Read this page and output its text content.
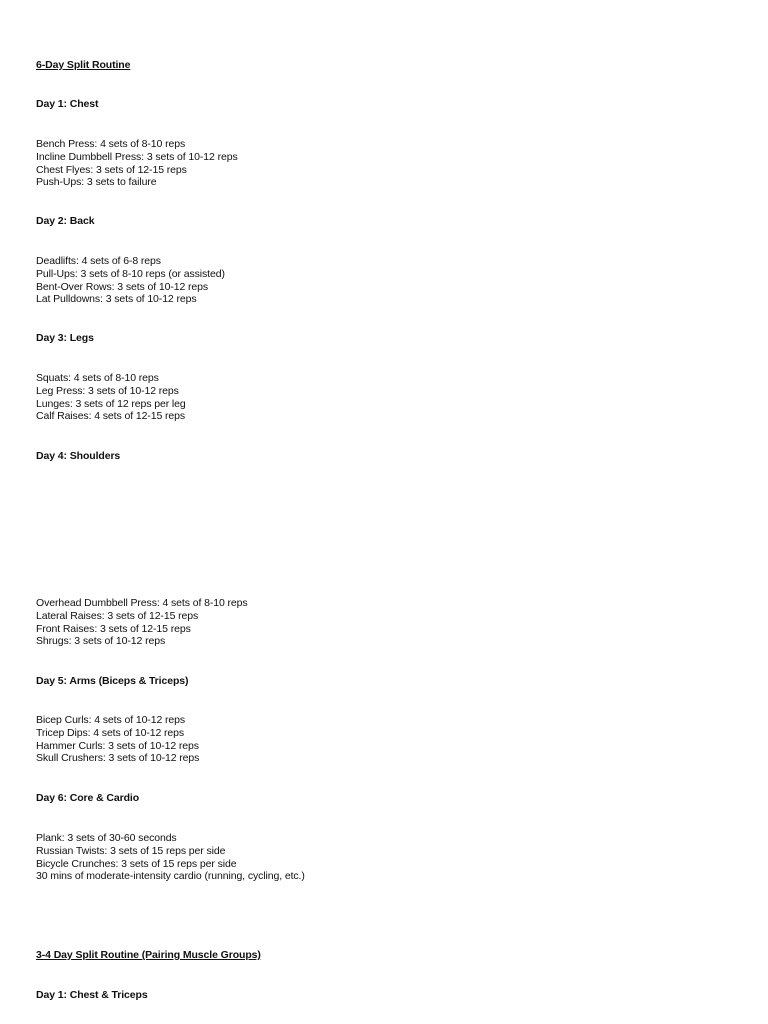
6-Day Split Routine
Day 1: Chest
Bench Press: 4 sets of 8-10 reps
Incline Dumbbell Press: 3 sets of 10-12 reps
Chest Flyes: 3 sets of 12-15 reps
Push-Ups: 3 sets to failure
Day 2: Back
Deadlifts: 4 sets of 6-8 reps
Pull-Ups: 3 sets of 8-10 reps (or assisted)
Bent-Over Rows: 3 sets of 10-12 reps
Lat Pulldowns: 3 sets of 10-12 reps
Day 3: Legs
Squats: 4 sets of 8-10 reps
Leg Press: 3 sets of 10-12 reps
Lunges: 3 sets of 12 reps per leg
Calf Raises: 4 sets of 12-15 reps
Day 4: Shoulders
Overhead Dumbbell Press: 4 sets of 8-10 reps
Lateral Raises: 3 sets of 12-15 reps
Front Raises: 3 sets of 12-15 reps
Shrugs: 3 sets of 10-12 reps
Day 5: Arms (Biceps & Triceps)
Bicep Curls: 4 sets of 10-12 reps
Tricep Dips: 4 sets of 10-12 reps
Hammer Curls: 3 sets of 10-12 reps
Skull Crushers: 3 sets of 10-12 reps
Day 6: Core & Cardio
Plank: 3 sets of 30-60 seconds
Russian Twists: 3 sets of 15 reps per side
Bicycle Crunches: 3 sets of 15 reps per side
30 mins of moderate-intensity cardio (running, cycling, etc.)
3-4 Day Split Routine (Pairing Muscle Groups)
Day 1: Chest & Triceps
